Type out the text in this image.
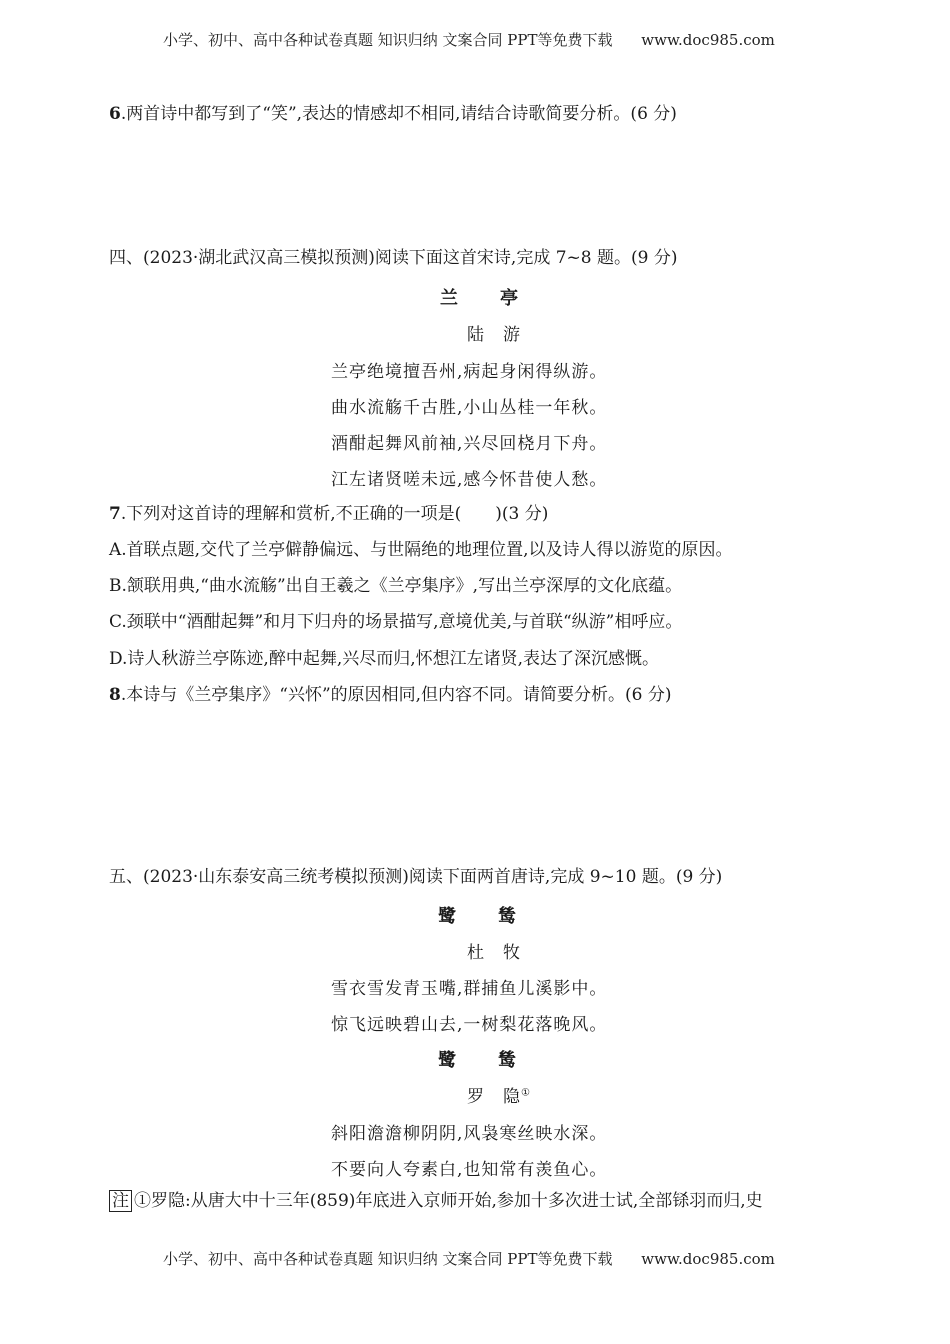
小学、初中、高中各种试卷真题 知识归纳 文案合同 PPT等免费下载 www.doc985.com
6.两首诗中都写到了“笑”,表达的情感却不相同,请结合诗歌简要分析。(6 分)
四、(2023·湖北武汉高三模拟预测)阅读下面这首宋诗,完成 7~8 题。(9 分)
兰　　亭
陆　游
兰亭绝境擅吾州,病起身闲得纵游。
曲水流觞千古胜,小山丛桂一年秋。
酒酣起舞风前袖,兴尽回桡月下舟。
江左诸贤嗟未远,感今怀昔使人愁。
7.下列对这首诗的理解和赏析,不正确的一项是(　　)(3 分)
A.首联点题,交代了兰亭僻静偏远、与世隔绝的地理位置,以及诗人得以游览的原因。
B.颔联用典,“曲水流觞”出自王羲之《兰亭集序》,写出兰亭深厚的文化底蕴。
C.颈联中“酒酣起舞”和月下归舟的场景描写,意境优美,与首联“纵游”相呼应。
D.诗人秋游兰亭陈迹,醉中起舞,兴尽而归,怀想江左诸贤,表达了深沉感慨。
8.本诗与《兰亭集序》“兴怀”的原因相同,但内容不同。请简要分析。(6 分)
五、(2023·山东泰安高三统考模拟预测)阅读下面两首唐诗,完成 9~10 题。(9 分)
鹭　　鸶
杜　牧
雪衣雪发青玉嘴,群捕鱼儿溪影中。
惊飞远映碧山去,一树梨花落晚风。
鹭　　鸶
罗　隐①
斜阳澹澹柳阴阴,风袅寒丝映水深。
不要向人夸素白,也知常有羡鱼心。
注 ①罗隐:从唐大中十三年(859)年底进入京师开始,参加十多次进士试,全部铩羽而归,史
小学、初中、高中各种试卷真题 知识归纳 文案合同 PPT等免费下载 www.doc985.com
